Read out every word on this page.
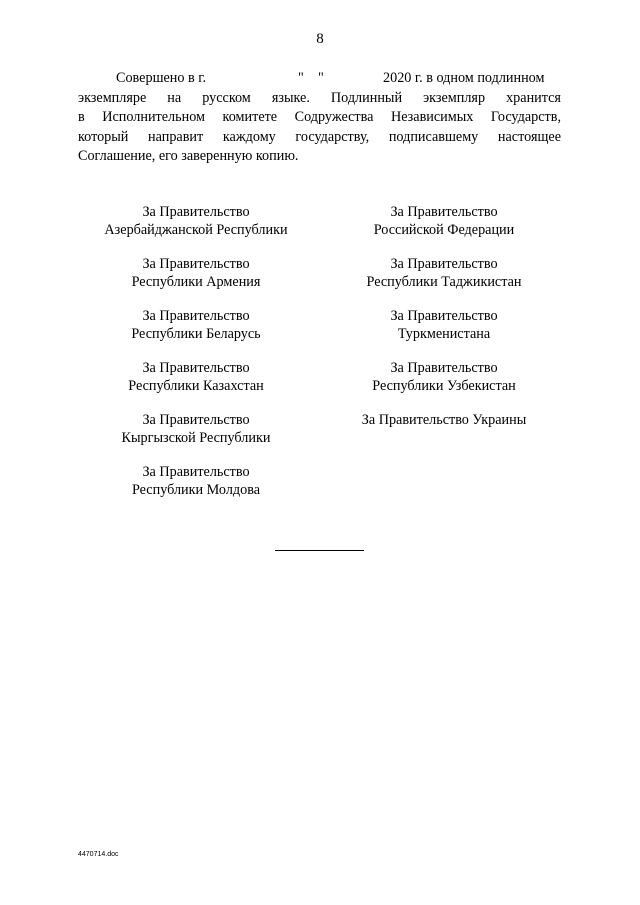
8
Совершено в г.	" "	2020 г. в одном подлинном
экземпляре на русском языке. Подлинный экземпляр хранится
в Исполнительном комитете Содружества Независимых Государств,
который направит каждому государству, подписавшему настоящее
Соглашение, его заверенную копию.
За Правительство
Азербайджанской Республики
За Правительство
Республики Армения
За Правительство
Республики Беларусь
За Правительство
Республики Казахстан
За Правительство
Кыргызской Республики
За Правительство
Республики Молдова
За Правительство
Российской Федерации
За Правительство
Республики Таджикистан
За Правительство
Туркменистана
За Правительство
Республики Узбекистан
За Правительство Украины
4470714.doc
